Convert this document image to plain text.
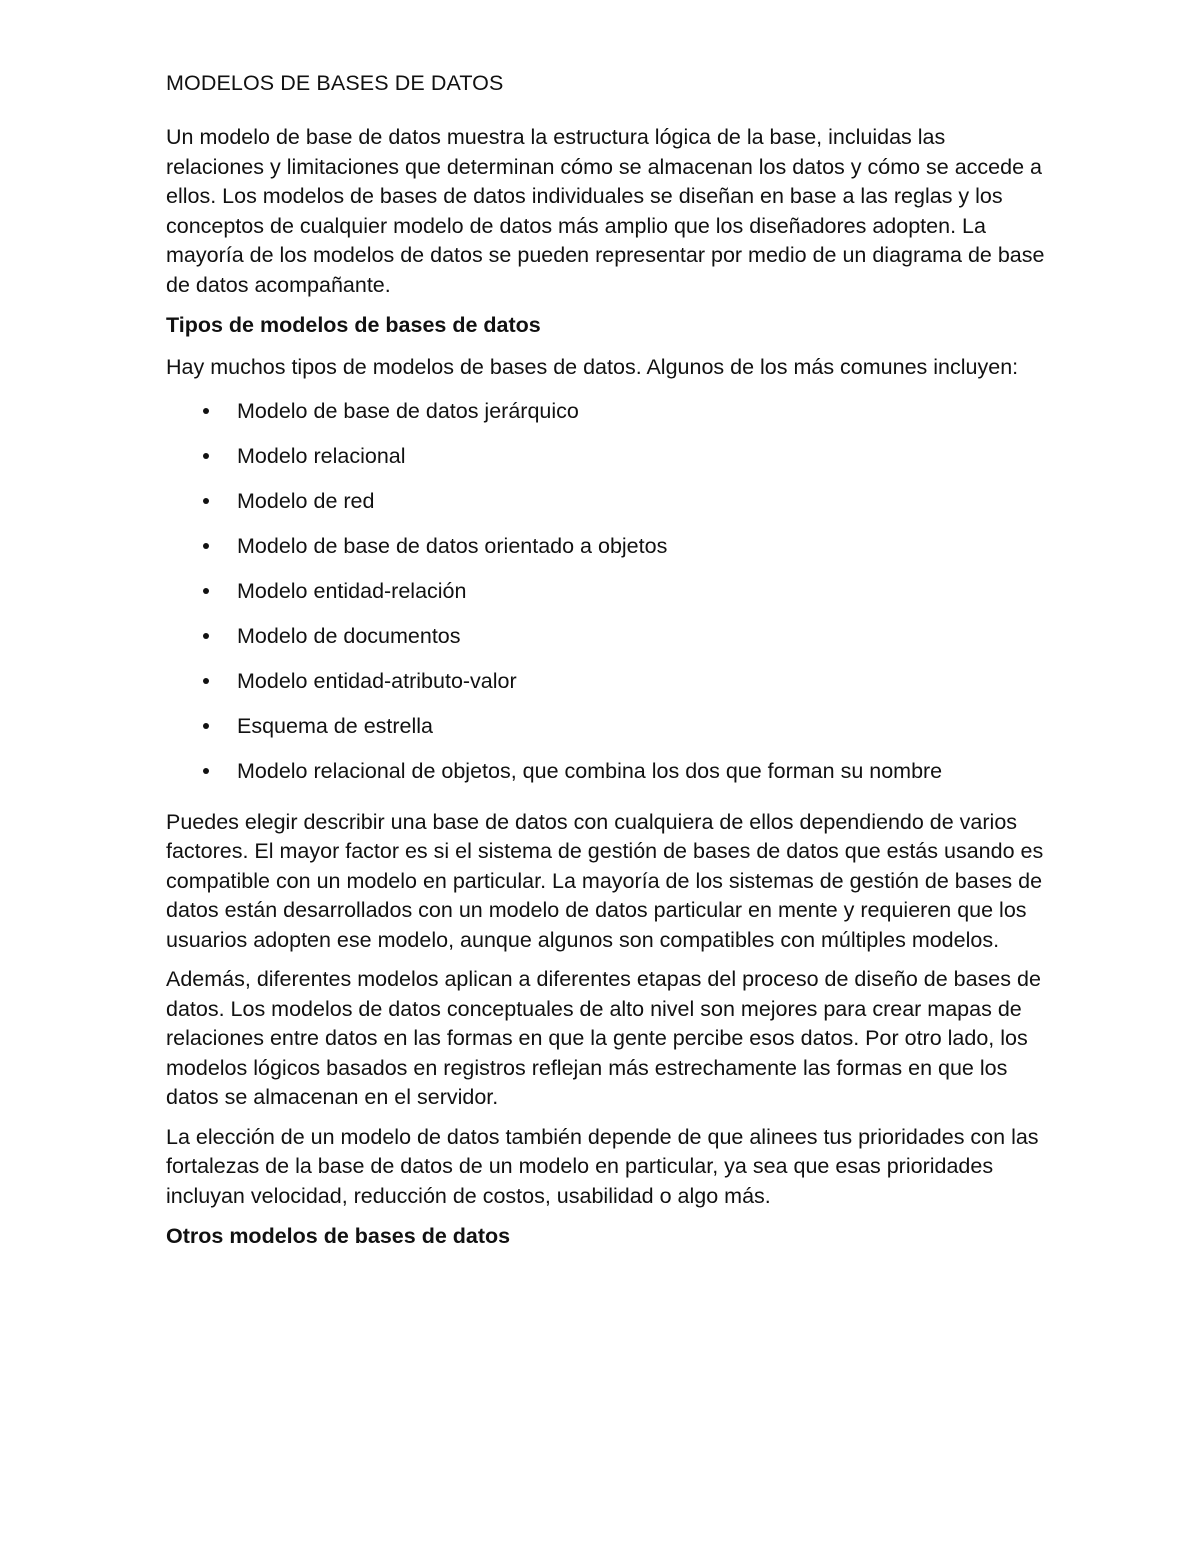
MODELOS DE BASES DE DATOS

Un modelo de base de datos muestra la estructura lógica de la base, incluidas las relaciones y limitaciones que determinan cómo se almacenan los datos y cómo se accede a ellos. Los modelos de bases de datos individuales se diseñan en base a las reglas y los conceptos de cualquier modelo de datos más amplio que los diseñadores adopten. La mayoría de los modelos de datos se pueden representar por medio de un diagrama de base de datos acompañante.

Tipos de modelos de bases de datos

Hay muchos tipos de modelos de bases de datos. Algunos de los más comunes incluyen:

Modelo de base de datos jerárquico
Modelo relacional
Modelo de red
Modelo de base de datos orientado a objetos
Modelo entidad-relación
Modelo de documentos
Modelo entidad-atributo-valor
Esquema de estrella
Modelo relacional de objetos, que combina los dos que forman su nombre

Puedes elegir describir una base de datos con cualquiera de ellos dependiendo de varios factores. El mayor factor es si el sistema de gestión de bases de datos que estás usando es compatible con un modelo en particular. La mayoría de los sistemas de gestión de bases de datos están desarrollados con un modelo de datos particular en mente y requieren que los usuarios adopten ese modelo, aunque algunos son compatibles con múltiples modelos.

Además, diferentes modelos aplican a diferentes etapas del proceso de diseño de bases de datos. Los modelos de datos conceptuales de alto nivel son mejores para crear mapas de relaciones entre datos en las formas en que la gente percibe esos datos. Por otro lado, los modelos lógicos basados en registros reflejan más estrechamente las formas en que los datos se almacenan en el servidor.

La elección de un modelo de datos también depende de que alinees tus prioridades con las fortalezas de la base de datos de un modelo en particular, ya sea que esas prioridades incluyan velocidad, reducción de costos, usabilidad o algo más.

Otros modelos de bases de datos
